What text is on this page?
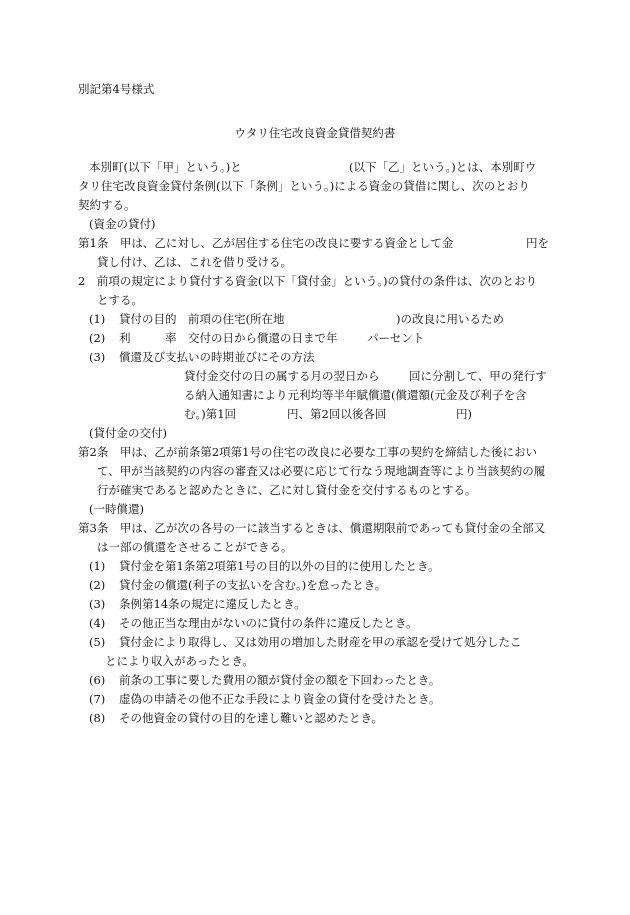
別記第4号様式
ウタリ住宅改良資金貸借契約書
本別町(以下「甲」という。)と	(以下「乙」という。)とは、本別町ウ
タリ住宅改良資金貸付条例(以下「条例」という。)による資金の貸借に関し、次のとおり
契約する。
(資金の貸付)
第1条　甲は、乙に対し、乙が居住する住宅の改良に要する資金として金	円を
貸し付け、乙は、これを借り受ける。
2　前項の規定により貸付する資金(以下「貸付金」という。)の貸付の条件は、次のとおり
とする。
(1) 貸付の目的　前項の住宅(所在地	)の改良に用いるため
(2) 利　　　率　交付の日から償還の日まで年	パーセント
(3) 償還及び支払いの時期並びにその方法
貸付金交付の日の属する月の翌日から	回に分割して、甲の発行す
る納入通知書により元利均等半年賦償還(償還額(元金及び利子を含
む。)第1回	円、第2回以後各回	円)
(貸付金の交付)
第2条　甲は、乙が前条第2項第1号の住宅の改良に必要な工事の契約を締結した後におい
て、甲が当該契約の内容の審査又は必要に応じて行なう現地調査等により当該契約の履
行が確実であると認めたときに、乙に対し貸付金を交付するものとする。
(一時償還)
第3条　甲は、乙が次の各号の一に該当するときは、償還期限前であっても貸付金の全部又
は一部の償還をさせることができる。
(1) 貸付金を第1条第2項第1号の目的以外の目的に使用したとき。
(2) 貸付金の償還(利子の支払いを含む。)を怠ったとき。
(3) 条例第14条の規定に違反したとき。
(4) その他正当な理由がないのに貸付の条件に違反したとき。
(5) 貸付金により取得し、又は効用の増加した財産を甲の承認を受けて処分したこ
とにより収入があったとき。
(6) 前条の工事に要した費用の額が貸付金の額を下回わったとき。
(7) 虚偽の申請その他不正な手段により資金の貸付を受けたとき。
(8) その他資金の貸付の目的を達し難いと認めたとき。
